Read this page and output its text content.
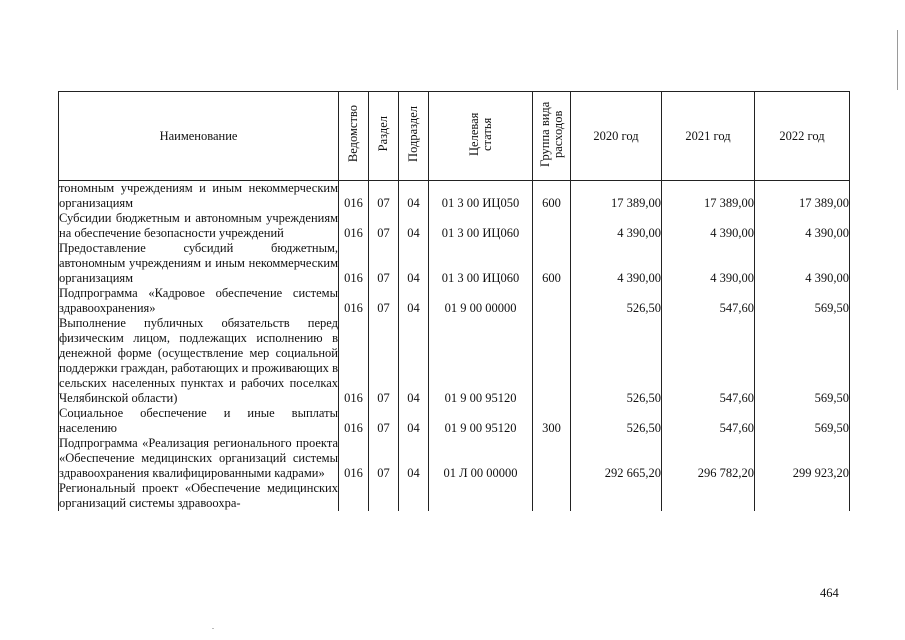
Наименование	Ведомство	Раздел	Подраздел	Целевая статья	Группа вида расходов	2020 год	2021 год	2022 год
тономным учреждениям и иным некоммерческим организациям	016	07	04	01 3 00 ИЦ050	600	17 389,00	17 389,00	17 389,00
Субсидии бюджетным и автономным учреждениям на обеспечение безопасности учреждений	016	07	04	01 3 00 ИЦ060		4 390,00	4 390,00	4 390,00
Предоставление субсидий бюджетным, автономным учреждениям и иным некоммерческим организациям	016	07	04	01 3 00 ИЦ060	600	4 390,00	4 390,00	4 390,00
Подпрограмма «Кадровое обеспечение системы здравоохранения»	016	07	04	01 9 00 00000		526,50	547,60	569,50
Выполнение публичных обязательств перед физическим лицом, подлежащих исполнению в денежной форме (осуществление мер социальной поддержки граждан, работающих и проживающих в сельских населенных пунктах и рабочих поселках Челябинской области)	016	07	04	01 9 00 95120		526,50	547,60	569,50
Социальное обеспечение и иные выплаты населению	016	07	04	01 9 00 95120	300	526,50	547,60	569,50
Подпрограмма «Реализация регионального проекта «Обеспечение медицинских организаций системы здравоохранения квалифицированными кадрами»	016	07	04	01 Л 00 00000		292 665,20	296 782,20	299 923,20
Региональный проект «Обеспечение медицинских организаций системы здравоохра-								
464
